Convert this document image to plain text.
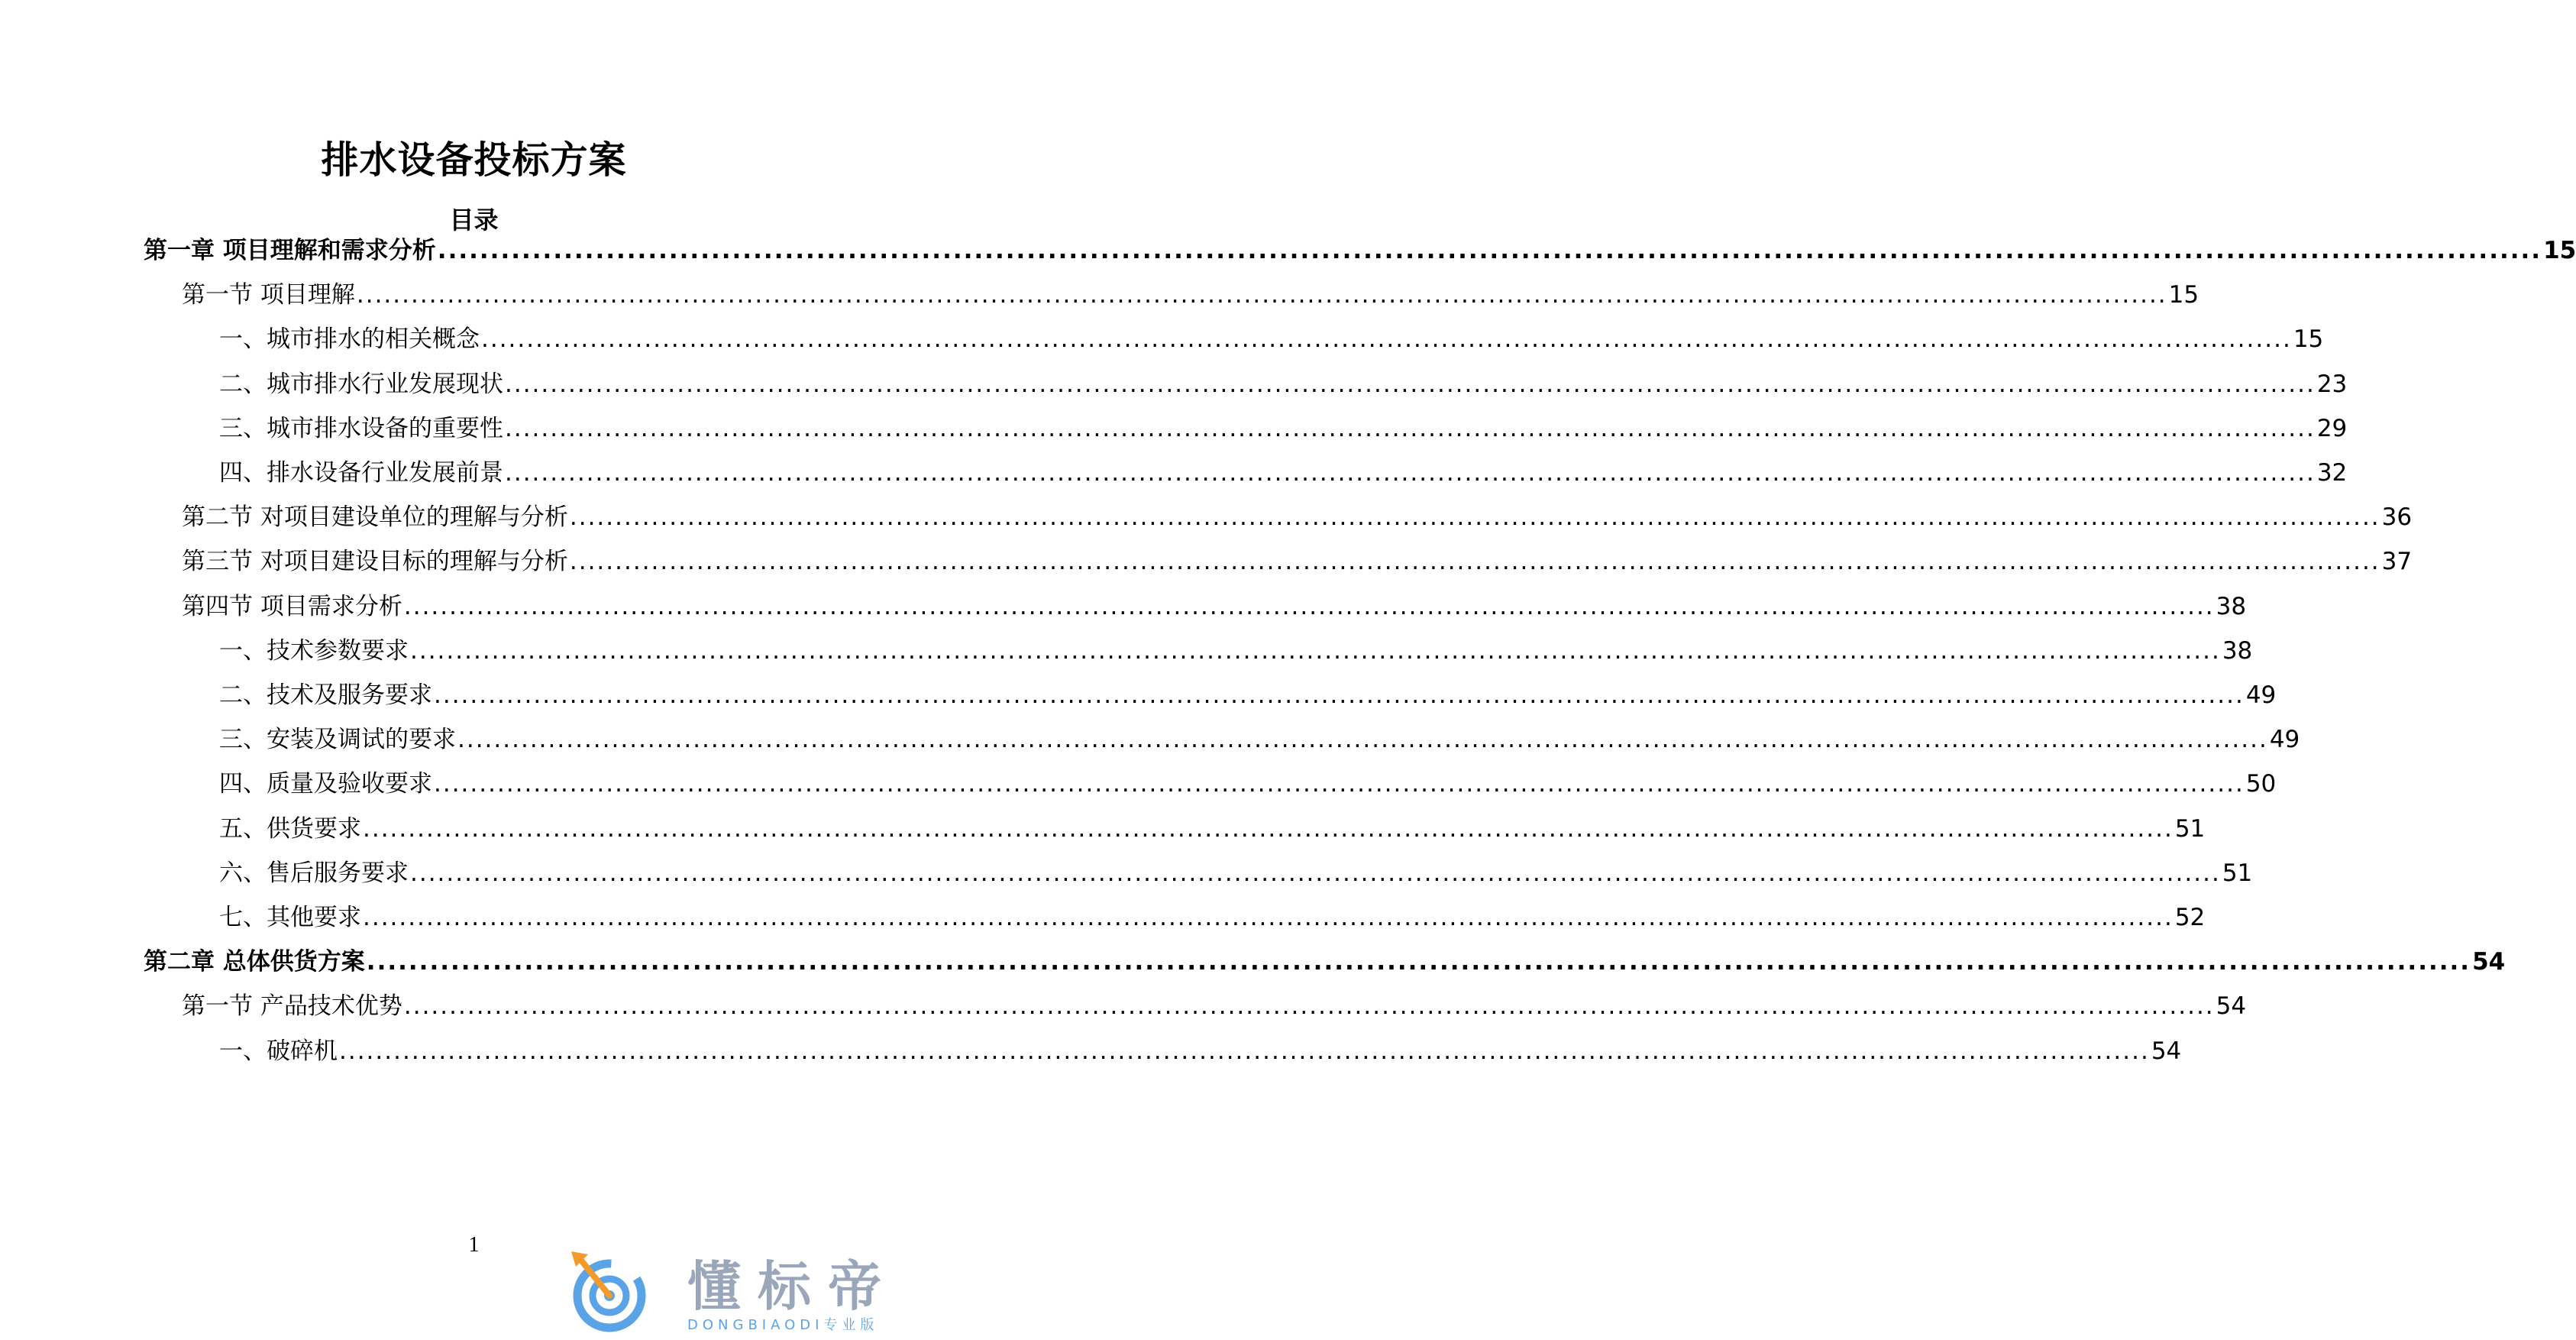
排水设备投标方案
目录
第一章 项目理解和需求分析 ........................................................................................................................................................................................................ 15
第一节 项目理解 ........................................................................................................................................................................................................ 15
一、城市排水的相关概念 ........................................................................................................................................................................................................ 15
二、城市排水行业发展现状 ........................................................................................................................................................................................................ 23
三、城市排水设备的重要性 ........................................................................................................................................................................................................ 29
四、排水设备行业发展前景 ........................................................................................................................................................................................................ 32
第二节 对项目建设单位的理解与分析 ........................................................................................................................................................................................................ 36
第三节 对项目建设目标的理解与分析 ........................................................................................................................................................................................................ 37
第四节 项目需求分析 ........................................................................................................................................................................................................ 38
一、技术参数要求 ........................................................................................................................................................................................................ 38
二、技术及服务要求 ........................................................................................................................................................................................................ 49
三、安装及调试的要求 ........................................................................................................................................................................................................ 49
四、质量及验收要求 ........................................................................................................................................................................................................ 50
五、供货要求 ........................................................................................................................................................................................................ 51
六、售后服务要求 ........................................................................................................................................................................................................ 51
七、其他要求 ........................................................................................................................................................................................................ 52
第二章 总体供货方案 ........................................................................................................................................................................................................ 54
第一节 产品技术优势 ........................................................................................................................................................................................................ 54
一、破碎机 ........................................................................................................................................................................................................ 54
1
懂标帝
DONGBIAODI专业版
